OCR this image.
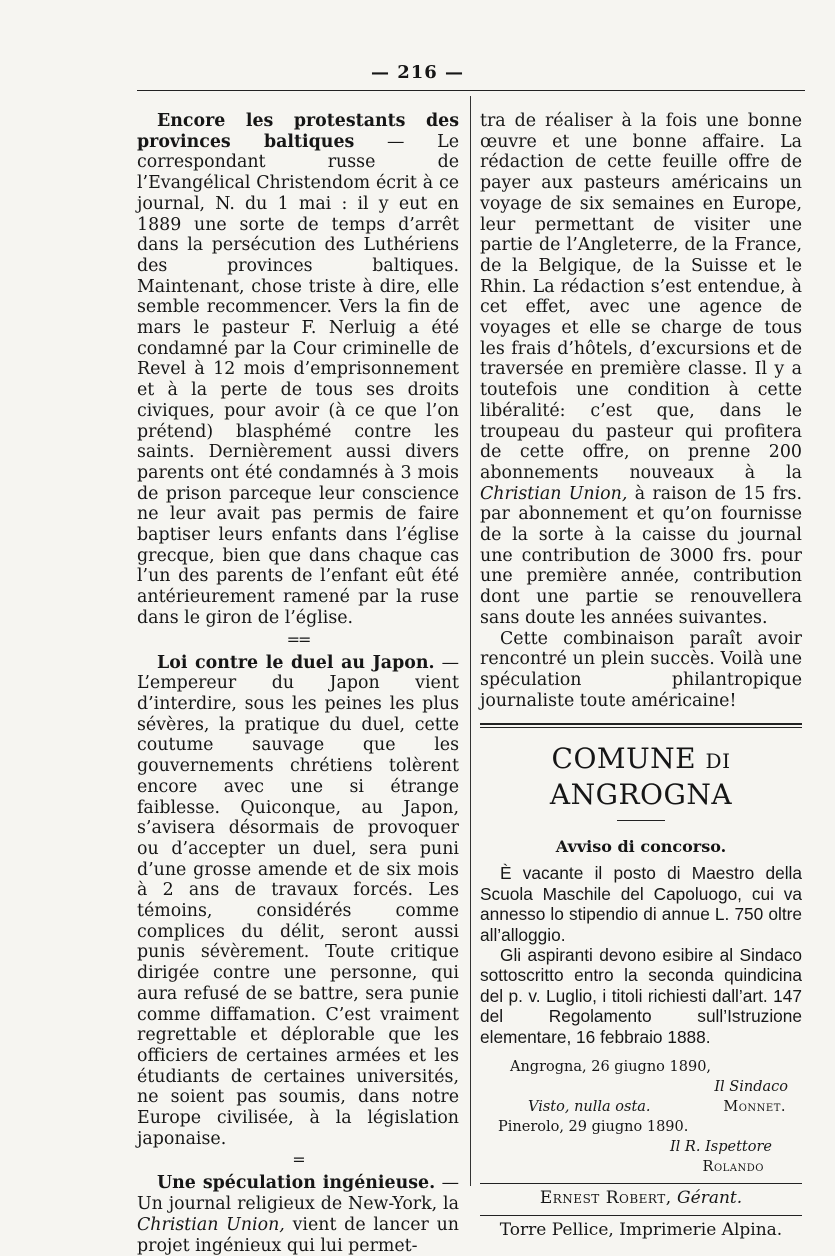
— 216 —

Encore les protestants des provinces baltiques — Le correspondant russe de l’Evangélical Christendom écrit à ce journal, N. du 1 mai : il y eut en 1889 une sorte de temps d’arrêt dans la persécution des Luthériens des provinces baltiques. Maintenant, chose triste à dire, elle semble recommencer. Vers la fin de mars le pasteur F. Nerluig a été condamné par la Cour criminelle de Revel à 12 mois d’emprisonnement et à la perte de tous ses droits civiques, pour avoir (à ce que l’on prétend) blasphémé contre les saints. Dernièrement aussi divers parents ont été condamnés à 3 mois de prison parceque leur conscience ne leur avait pas permis de faire baptiser leurs enfants dans l’église grecque, bien que dans chaque cas l’un des parents de l’enfant eût été antérieurement ramené par la ruse dans le giron de l’église.

==

Loi contre le duel au Japon. — L’empereur du Japon vient d’interdire, sous les peines les plus sévères, la pratique du duel, cette coutume sauvage que les gouvernements chrétiens tolèrent encore avec une si étrange faiblesse. Quiconque, au Japon, s’avisera désormais de provoquer ou d’accepter un duel, sera puni d’une grosse amende et de six mois à 2 ans de travaux forcés. Les témoins, considérés comme complices du délit, seront aussi punis sévèrement. Toute critique dirigée contre une personne, qui aura refusé de se battre, sera punie comme diffamation. C’est vraiment regrettable et déplorable que les officiers de certaines armées et les étudiants de certaines universités, ne soient pas soumis, dans notre Europe civilisée, à la législation japonaise.

=

Une spéculation ingénieuse. — Un journal religieux de New-York, la Christian Union, vient de lancer un projet ingénieux qui lui permet-

tra de réaliser à la fois une bonne œuvre et une bonne affaire. La rédaction de cette feuille offre de payer aux pasteurs américains un voyage de six semaines en Europe, leur permettant de visiter une partie de l’Angleterre, de la France, de la Belgique, de la Suisse et le Rhin. La rédaction s’est entendue, à cet effet, avec une agence de voyages et elle se charge de tous les frais d’hôtels, d’excursions et de traversée en première classe. Il y a toutefois une condition à cette libéralité: c’est que, dans le troupeau du pasteur qui profitera de cette offre, on prenne 200 abonnements nouveaux à la Christian Union, à raison de 15 frs. par abonnement et qu’on fournisse de la sorte à la caisse du journal une contribution de 3000 frs. pour une première année, contribution dont une partie se renouvellera sans doute les années suivantes.

Cette combinaison paraît avoir rencontré un plein succès. Voilà une spéculation philantropique journaliste toute américaine!

COMUNE DI ANGROGNA
Avviso di concorso.

È vacante il posto di Maestro della Scuola Maschile del Capoluogo, cui va annesso lo stipendio di annue L. 750 oltre all’alloggio.

Gli aspiranti devono esibire al Sindaco sottoscritto entro la seconda quindicina del p. v. Luglio, i titoli richiesti dall’art. 147 del Regolamento sull’Istruzione elementare, 16 febbraio 1888.

Angrogna, 26 giugno 1890,
Il Sindaco
Visto, nulla osta.	Monnet.
Pinerolo, 29 giugno 1890.
Il R. Ispettore
Rolando
Ernest Robert, Gérant.
Torre Pellice, Imprimerie Alpina.
